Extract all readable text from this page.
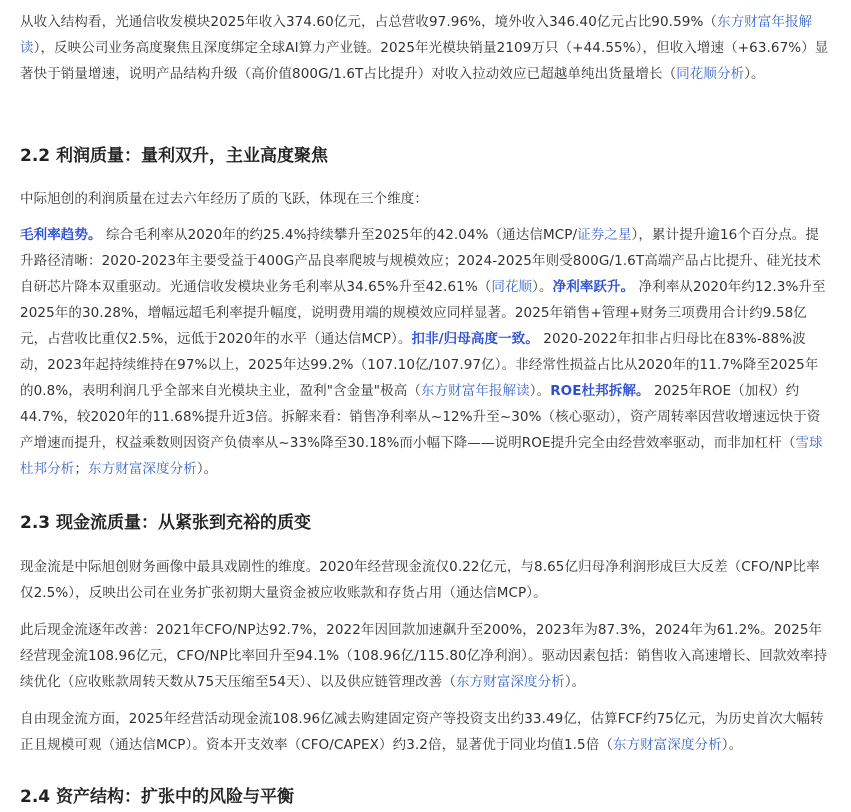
从收入结构看，光通信收发模块2025年收入374.60亿元，占总营收97.96%，境外收入346.40亿元占比90.59%（东方财富年报解读），反映公司业务高度聚焦且深度绑定全球AI算力产业链。2025年光模块销量2109万只（+44.55%），但收入增速（+63.67%）显著快于销量增速，说明产品结构升级（高价值800G/1.6T占比提升）对收入拉动效应已超越单纯出货量增长（同花顺分析）。

2.2 利润质量：量利双升，主业高度聚焦

中际旭创的利润质量在过去六年经历了质的飞跃，体现在三个维度：

毛利率趋势。 综合毛利率从2020年的约25.4%持续攀升至2025年的42.04%（通达信MCP/证券之星），累计提升逾16个百分点。提升路径清晰：2020-2023年主要受益于400G产品良率爬坡与规模效应；2024-2025年则受800G/1.6T高端产品占比提升、硅光技术自研芯片降本双重驱动。光通信收发模块业务毛利率从34.65%升至42.61%（同花顺）。净利率跃升。 净利率从2020年约12.3%升至2025年的30.28%，增幅远超毛利率提升幅度，说明费用端的规模效应同样显著。2025年销售+管理+财务三项费用合计约9.58亿元，占营收比重仅2.5%，远低于2020年的水平（通达信MCP）。扣非/归母高度一致。 2020-2022年扣非占归母比在83%-88%波动，2023年起持续维持在97%以上，2025年达99.2%（107.10亿/107.97亿）。非经常性损益占比从2020年的11.7%降至2025年的0.8%，表明利润几乎全部来自光模块主业，盈利"含金量"极高（东方财富年报解读）。ROE杜邦拆解。 2025年ROE（加权）约44.7%，较2020年的11.68%提升近3倍。拆解来看：销售净利率从~12%升至~30%（核心驱动），资产周转率因营收增速远快于资产增速而提升，权益乘数则因资产负债率从~33%降至30.18%而小幅下降——说明ROE提升完全由经营效率驱动，而非加杠杆（雪球杜邦分析；东方财富深度分析）。

2.3 现金流质量：从紧张到充裕的质变

现金流是中际旭创财务画像中最具戏剧性的维度。2020年经营现金流仅0.22亿元，与8.65亿归母净利润形成巨大反差（CFO/NP比率仅2.5%），反映出公司在业务扩张初期大量资金被应收账款和存货占用（通达信MCP）。

此后现金流逐年改善：2021年CFO/NP达92.7%，2022年因回款加速飙升至200%，2023年为87.3%，2024年为61.2%。2025年经营现金流108.96亿元，CFO/NP比率回升至94.1%（108.96亿/115.80亿净利润）。驱动因素包括：销售收入高速增长、回款效率持续优化（应收账款周转天数从75天压缩至54天）、以及供应链管理改善（东方财富深度分析）。

自由现金流方面，2025年经营活动现金流108.96亿减去购建固定资产等投资支出约33.49亿，估算FCF约75亿元，为历史首次大幅转正且规模可观（通达信MCP）。资本开支效率（CFO/CAPEX）约3.2倍，显著优于同业均值1.5倍（东方财富深度分析）。

2.4 资产结构：扩张中的风险与平衡
